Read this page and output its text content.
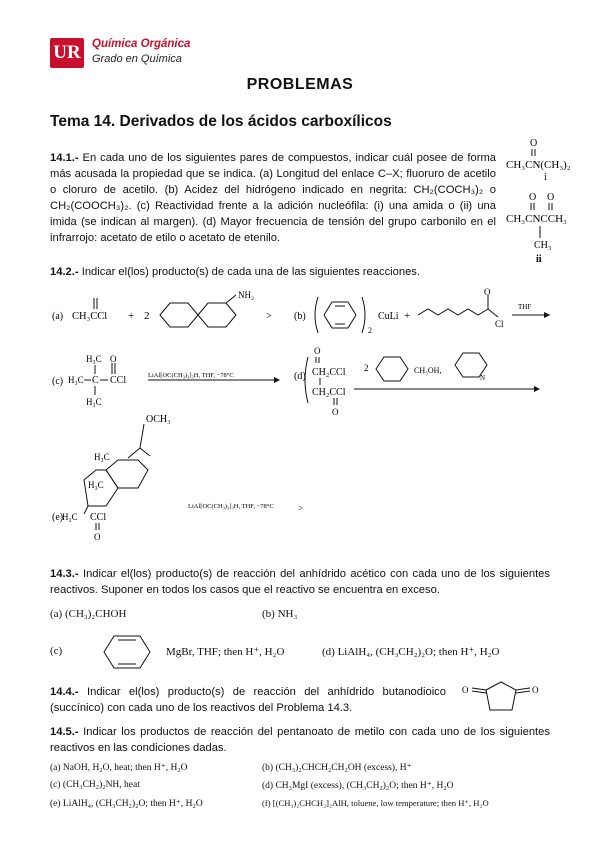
UR Química Orgánica
Grado en Química
PROBLEMAS
Tema 14. Derivados de los ácidos carboxílicos
14.1.- En cada uno de los siguientes pares de compuestos, indicar cuál posee de forma más acusada la propiedad que se indica. (a) Longitud del enlace C–X; fluoruro de acetilo o cloruro de acetilo. (b) Acidez del hidrógeno indicado en negrita: CH₂(COCH₃)₂ o CH₂(COOCH₃)₂. (c) Reactividad frente a la adición nucleófila: (i) una amida o (ii) una imida (se indican al margen). (d) Mayor frecuencia de tensión del grupo carbonilo en el infrarrojo: acetato de etilo o acetato de etenilo.
O
CH₃CN(CH₃)₂
i
O O
CH₃CNCCH₃
CH₃
ii
14.2.- Indicar el(los) producto(s) de cada una de las siguientes reacciones.
(a) CH₃CCl + 2
NH₂
> (b)
2
CuLi +
O
Cl
THF
(c)
H₃C
H₃C C CCl
O
H₃C
LiAl[OC(CH₃)₃]₃H, THF, −78°C	(d)
O
CH₂CCl
CH₂CCl
O
2	CH₃OH,
N
OCH₃
H₃C
H₃C
(e)
H₃C CCl
O
LiAl[OC(CH₃)₃]₃H, THF, −78°C	>
14.3.- Indicar el(los) producto(s) de reacción del anhídrido acético con cada uno de los siguientes reactivos. Suponer en todos los casos que el reactivo se encuentra en exceso.
(a) (CH₃)₂CHOH	(b) NH₃
(c)	MgBr, THF; then H⁺, H₂O	(d) LiAlH₄, (CH₃CH₂)₂O; then H⁺, H₂O
14.4.- Indicar el(los) producto(s) de reacción del anhídrido butanodioico (succínico) con cada uno de los reactivos del Problema 14.3.
O	O
14.5.- Indicar los productos de reacción del pentanoato de metilo con cada uno de los siguientes reactivos en las condiciones dadas.
(a) NaOH, H₂O, heat; then H⁺, H₂O	(b) (CH₃)₂CHCH₂CH₂OH (excess), H⁺
(c) (CH₃CH₂)₂NH, heat	(d) CH₃MgI (excess), (CH₃CH₂)₂O; then H⁺, H₂O
(e) LiAlH₄, (CH₃CH₂)₂O; then H⁺, H₂O	(f) [(CH₃)₂CHCH₂]₂AlH, toluene, low temperature; then H⁺, H₂O
